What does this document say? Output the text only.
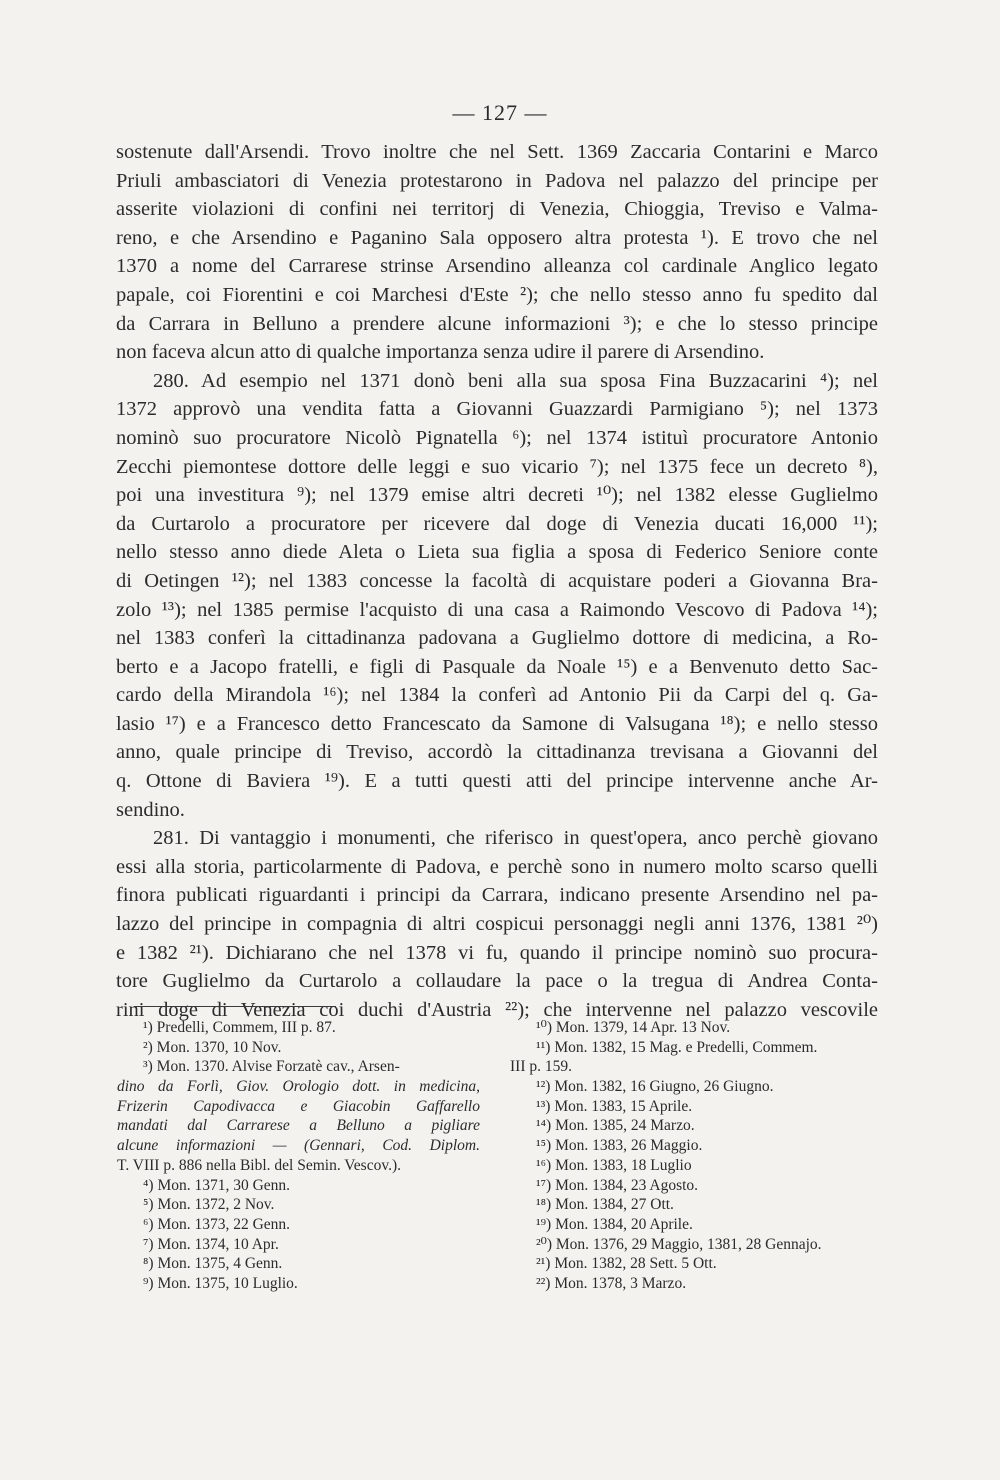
— 127 —
sostenute dall'Arsendi. Trovo inoltre che nel Sett. 1369 Zaccaria Contarini e Marco
Priuli ambasciatori di Venezia protestarono in Padova nel palazzo del principe per
asserite violazioni di confini nei territorj di Venezia, Chioggia, Treviso e Valma-
reno, e che Arsendino e Paganino Sala opposero altra protesta ¹). E trovo che nel
1370 a nome del Carrarese strinse Arsendino alleanza col cardinale Anglico legato
papale, coi Fiorentini e coi Marchesi d'Este ²); che nello stesso anno fu spedito dal
da Carrara in Belluno a prendere alcune informazioni ³); e che lo stesso principe
non faceva alcun atto di qualche importanza senza udire il parere di Arsendino.
280. Ad esempio nel 1371 donò beni alla sua sposa Fina Buzzacarini ⁴); nel
1372 approvò una vendita fatta a Giovanni Guazzardi Parmigiano ⁵); nel 1373
nominò suo procuratore Nicolò Pignatella ⁶); nel 1374 istituì procuratore Antonio
Zecchi piemontese dottore delle leggi e suo vicario ⁷); nel 1375 fece un decreto ⁸),
poi una investitura ⁹); nel 1379 emise altri decreti ¹⁰); nel 1382 elesse Guglielmo
da Curtarolo a procuratore per ricevere dal doge di Venezia ducati 16,000 ¹¹);
nello stesso anno diede Aleta o Lieta sua figlia a sposa di Federico Seniore conte
di Oetingen ¹²); nel 1383 concesse la facoltà di acquistare poderi a Giovanna Bra-
zolo ¹³); nel 1385 permise l'acquisto di una casa a Raimondo Vescovo di Padova ¹⁴);
nel 1383 conferì la cittadinanza padovana a Guglielmo dottore di medicina, a Ro-
berto e a Jacopo fratelli, e figli di Pasquale da Noale ¹⁵) e a Benvenuto detto Sac-
cardo della Mirandola ¹⁶); nel 1384 la conferì ad Antonio Pii da Carpi del q. Ga-
lasio ¹⁷) e a Francesco detto Francescato da Samone di Valsugana ¹⁸); e nello stesso
anno, quale principe di Treviso, accordò la cittadinanza trevisana a Giovanni del
q. Ottone di Baviera ¹⁹). E a tutti questi atti del principe intervenne anche Ar-
sendino.
281. Di vantaggio i monumenti, che riferisco in quest'opera, anco perchè giovano
essi alla storia, particolarmente di Padova, e perchè sono in numero molto scarso quelli
finora publicati riguardanti i principi da Carrara, indicano presente Arsendino nel pa-
lazzo del principe in compagnia di altri cospicui personaggi negli anni 1376, 1381 ²⁰)
e 1382 ²¹). Dichiarano che nel 1378 vi fu, quando il principe nominò suo procura-
tore Guglielmo da Curtarolo a collaudare la pace o la tregua di Andrea Conta-
rini doge di Venezia coi duchi d'Austria ²²); che intervenne nel palazzo vescovile
¹) Predelli, Commem, III p. 87.
²) Mon. 1370, 10 Nov.
³) Mon. 1370. Alvise Forzatè cav., Arsen-
dino da Forlì, Giov. Orologio dott. in medicina,
Frizerin Capodivacca e Giacobin Gaffarello
mandati dal Carrarese a Belluno a pigliare
alcune informazioni — (Gennari, Cod. Diplom.
T. VIII p. 886 nella Bibl. del Semin. Vescov.).
⁴) Mon. 1371, 30 Genn.
⁵) Mon. 1372, 2 Nov.
⁶) Mon. 1373, 22 Genn.
⁷) Mon. 1374, 10 Apr.
⁸) Mon. 1375, 4 Genn.
⁹) Mon. 1375, 10 Luglio.
¹⁰) Mon. 1379, 14 Apr. 13 Nov.
¹¹) Mon. 1382, 15 Mag. e Predelli, Commem.
III p. 159.
¹²) Mon. 1382, 16 Giugno, 26 Giugno.
¹³) Mon. 1383, 15 Aprile.
¹⁴) Mon. 1385, 24 Marzo.
¹⁵) Mon. 1383, 26 Maggio.
¹⁶) Mon. 1383, 18 Luglio
¹⁷) Mon. 1384, 23 Agosto.
¹⁸) Mon. 1384, 27 Ott.
¹⁹) Mon. 1384, 20 Aprile.
²⁰) Mon. 1376, 29 Maggio, 1381, 28 Gennajo.
²¹) Mon. 1382, 28 Sett. 5 Ott.
²²) Mon. 1378, 3 Marzo.
